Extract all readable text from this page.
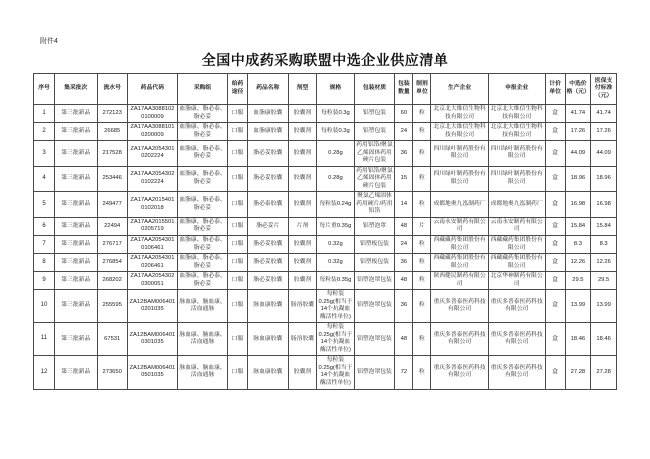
附件4
全国中成药采购联盟中选企业供应清单
序号	集采批次	流水号	药品代码	采购组	给药途径	药品名称	剂型	规格	包装材质	包装数量	制剂单位	生产企业	申报企业	计价单位	中选价格（元）	医保支付标准（元）
1	第三批新品	272123	ZA17AA30881020100009	血脂康、脂必泰、脂必妥	口服	血脂康胶囊	胶囊剂	每粒装0.3g	铝塑包装	60	粒	北京北大维信生物科技有限公司	北京北大维信生物科技有限公司	盒	41.74	41.74
2	第三批新品	26685	ZA17AA30881010200009	血脂康、脂必泰、脂必妥	口服	血脂康胶囊	胶囊剂	每粒装0.3g	铝塑包装	24	粒	北京北大维信生物科技有限公司	北京北大维信生物科技有限公司	盒	17.26	17.26
3	第三批新品	217528	ZA17AA20543010202224	血脂康、脂必泰、脂必妥	口服	脂必妥胶囊	胶囊剂	0.28g	药用铝箔/聚氯乙烯固体药用硬片包装	36	粒	四川绿叶制药股份有限公司	四川绿叶制药股份有限公司	盒	44.09	44.09
4	第三批新品	253446	ZA17AA20543020102224	血脂康、脂必泰、脂必妥	口服	脂必妥胶囊	胶囊剂	0.28g	药用铝箔/聚氯乙烯固体药用硬片包装	15	粒	四川绿叶制药股份有限公司	四川绿叶制药股份有限公司	盒	18.96	18.96
5	第三批新品	249477	ZA17AA20154010102018	血脂康、脂必泰、脂必妥	口服	脂必泰胶囊	胶囊剂	每粒装0.24g	聚氯乙烯固体药用硬片/药用铝箔	14	粒	成都地奥九泓制药厂	成都地奥九泓制药厂	盒	16.98	16.98
6	第三批新品	22494	ZA17AA20155010205719	血脂康、脂必泰、脂必妥	口服	脂必妥片	片剂	每片重0.35g	铝塑泡罩	48	片	云南永安制药有限公司	云南永安制药有限公司	盒	15.84	15.84
7	第三批新品	276717	ZA17AA20543010106461	血脂康、脂必泰、脂必妥	口服	脂必妥胶囊	胶囊剂	0.32g	铝塑板包装	24	粒	西藏藏药集团股份有限公司	西藏藏药集团股份有限公司	盒	8.3	8.3
8	第三批新品	276854	ZA17AA20543010206461	血脂康、脂必泰、脂必妥	口服	脂必妥胶囊	胶囊剂	0.32g	铝塑板包装	36	粒	西藏藏药集团股份有限公司	西藏藏药集团股份有限公司	盒	12.26	12.26
9	第三批新品	268202	ZA17AA20543020300051	血脂康、脂必泰、脂必妥	口服	脂必妥胶囊	胶囊剂	每粒装0.35g	铝塑泡罩包装	48	粒	陕西健民制药有限公司	北京华神制药有限公司	盒	29.5	29.5
10	第三批新品	255595	ZA12BAM0064010201035	脉血康、脑血康、活血通脉	口服	脉血康胶囊	肠溶胶囊	每粒装0.25g(相当于14个抗凝血酶活性单位)	铝塑泡罩包装	36	粒	重庆多普泰医药科技有限公司	重庆多普泰医药科技有限公司	盒	13.99	13.99
11	第三批新品	67531	ZA12BAM0064010301035	脉血康、脑血康、活血通脉	口服	脉血康胶囊	肠溶胶囊	每粒装0.25g(相当于14个抗凝血酶活性单位)	铝塑泡罩包装	48	粒	重庆多普泰医药科技有限公司	重庆多普泰医药科技有限公司	盒	18.46	18.46
12	第三批新品	273650	ZA12BAM0064010501035	脉血康、脑血康、活血通脉	口服	脉血康胶囊	胶囊剂	每粒装0.25g(相当于14个抗凝血酶活性单位)	铝塑泡罩包装	72	粒	重庆多普泰医药科技有限公司	重庆多普泰医药科技有限公司	盒	27.28	27.28
